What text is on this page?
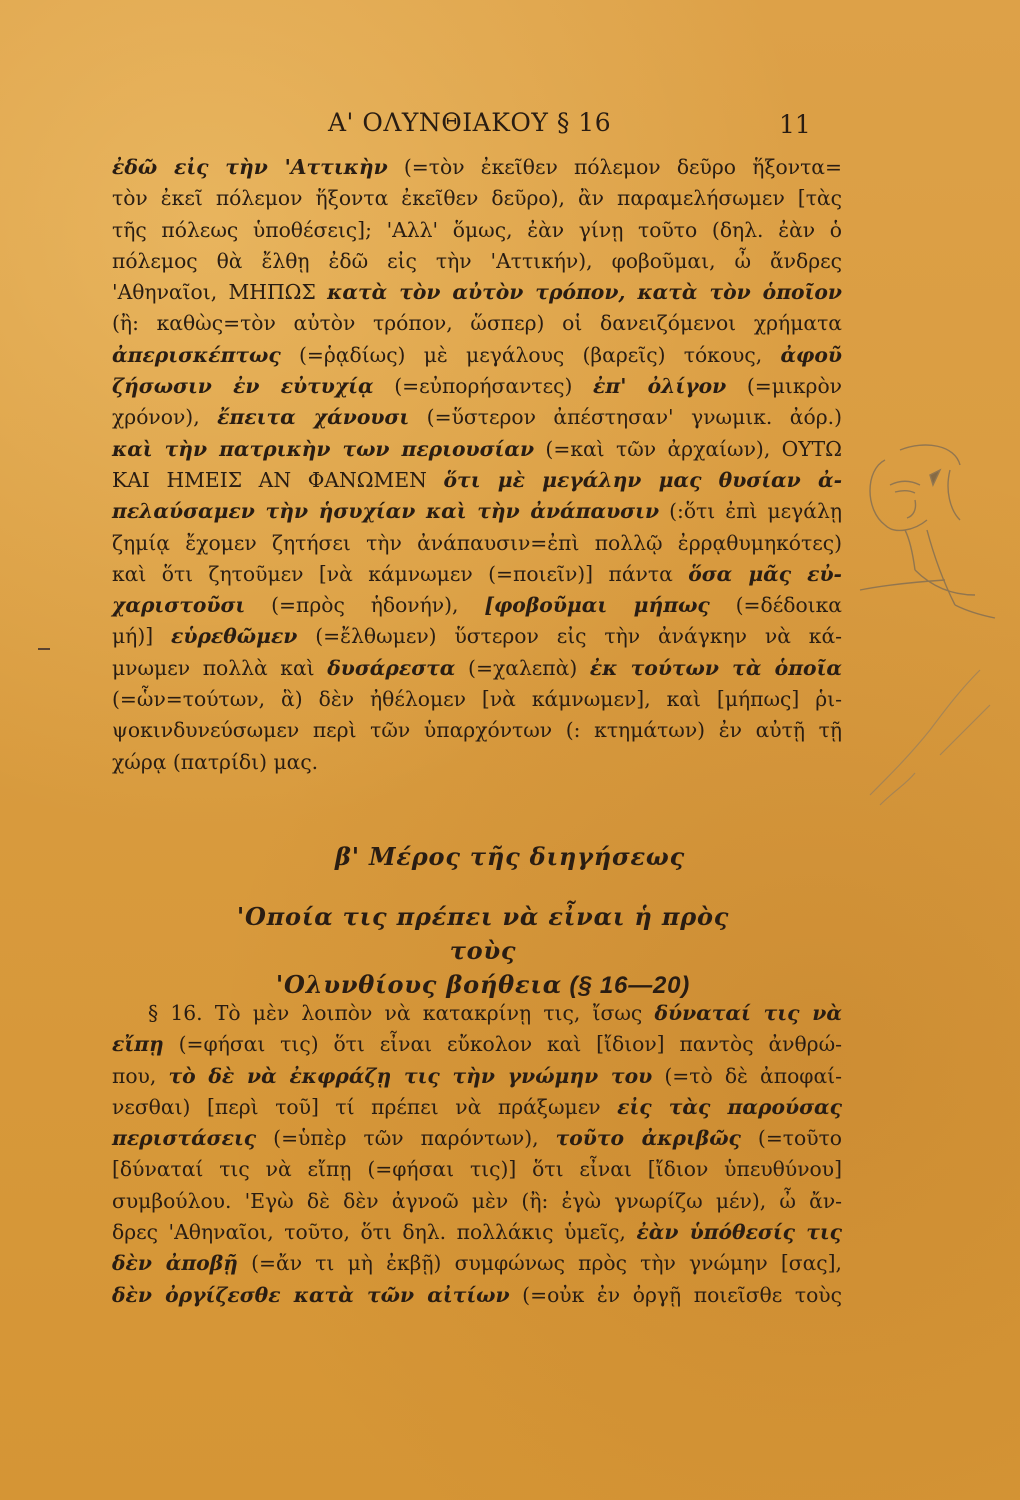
Α' ΟΛΥΝΘΙΑΚΟΥ § 16	11
ἐδῶ εἰς τὴν 'Αττικὴν (=τὸν ἐκεῖθεν πόλεμον δεῦρο ἥξοντα=
τὸν ἐκεῖ πόλεμον ἥξοντα ἐκεῖθεν δεῦρο), ἂν παραμελήσωμεν [τὰς
τῆς πόλεως ὑποθέσεις]; 'Αλλ' ὅμως, ἐὰν γίνῃ τοῦτο (δηλ. ἐὰν ὁ
πόλεμος θὰ ἔλθῃ ἐδῶ εἰς τὴν 'Αττικήν), φοβοῦμαι, ὦ ἄνδρες
'Αθηναῖοι, ΜΗΠΩΣ κατὰ τὸν αὐτὸν τρόπον, κατὰ τὸν ὁποῖον
(ἢ: καθὼς=τὸν αὐτὸν τρόπον, ὥσπερ) οἱ δανειζόμενοι χρήματα
ἀπερισκέπτως (=ῥᾳδίως) μὲ μεγάλους (βαρεῖς) τόκους, ἀφοῦ
ζήσωσιν ἐν εὐτυχίᾳ (=εὐπορήσαντες) ἐπ' ὀλίγον (=μικρὸν
χρόνον), ἔπειτα χάνουσι (=ὕστερον ἀπέστησαν' γνωμικ. ἀόρ.)
καὶ τὴν πατρικὴν των περιουσίαν (=καὶ τῶν ἀρχαίων), ΟΥΤΩ
ΚΑΙ ΗΜΕΙΣ ΑΝ ΦΑΝΩΜΕΝ ὅτι μὲ μεγάλην μας θυσίαν ἀ-
πελαύσαμεν τὴν ἡσυχίαν καὶ τὴν ἀνάπαυσιν (:ὅτι ἐπὶ μεγάλῃ
ζημίᾳ ἔχομεν ζητήσει τὴν ἀνάπαυσιν=ἐπὶ πολλῷ ἐρρᾳθυμηκότες)
καὶ ὅτι ζητοῦμεν [νὰ κάμνωμεν (=ποιεῖν)] πάντα ὅσα μᾶς εὐ-
χαριστοῦσι (=πρὸς ἡδονήν), [φοβοῦμαι μήπως (=δέδοικα
μή)] εὑρεθῶμεν (=ἔλθωμεν) ὕστερον εἰς τὴν ἀνάγκην νὰ κά-
μνωμεν πολλὰ καὶ δυσάρεστα (=χαλεπὰ) ἐκ τούτων τὰ ὁποῖα
(=ὧν=τούτων, ἃ) δὲν ἠθέλομεν [νὰ κάμνωμεν], καὶ [μήπως] ῥι-
ψοκινδυνεύσωμεν περὶ τῶν ὑπαρχόντων (: κτημάτων) ἐν αὐτῇ τῇ
χώρᾳ (πατρίδι) μας.
β' Μέρος τῆς διηγήσεως
'Οποία τις πρέπει νὰ εἶναι ἡ πρὸς τοὺς
'Ολυνθίους βοήθεια (§ 16—20)
§ 16. Τὸ μὲν λοιπὸν νὰ κατακρίνῃ τις, ἴσως δύναταί τις νὰ
εἴπῃ (=φήσαι τις) ὅτι εἶναι εὔκολον καὶ [ἴδιον] παντὸς ἀνθρώ-
που, τὸ δὲ νὰ ἐκφράζῃ τις τὴν γνώμην του (=τὸ δὲ ἀποφαί-
νεσθαι) [περὶ τοῦ] τί πρέπει νὰ πράξωμεν εἰς τὰς παρούσας
περιστάσεις (=ὑπὲρ τῶν παρόντων), τοῦτο ἀκριβῶς (=τοῦτο
[δύναταί τις νὰ εἴπῃ (=φήσαι τις)] ὅτι εἶναι [ἴδιον ὑπευθύνου]
συμβούλου. 'Εγὼ δὲ δὲν ἀγνοῶ μὲν (ἢ: ἐγὼ γνωρίζω μέν), ὦ ἄν-
δρες 'Αθηναῖοι, τοῦτο, ὅτι δηλ. πολλάκις ὑμεῖς, ἐὰν ὑπόθεσίς τις
δὲν ἀποβῇ (=ἄν τι μὴ ἐκβῇ) συμφώνως πρὸς τὴν γνώμην [σας],
δὲν ὀργίζεσθε κατὰ τῶν αἰτίων (=οὐκ ἐν ὀργῇ ποιεῖσθε τοὺς
